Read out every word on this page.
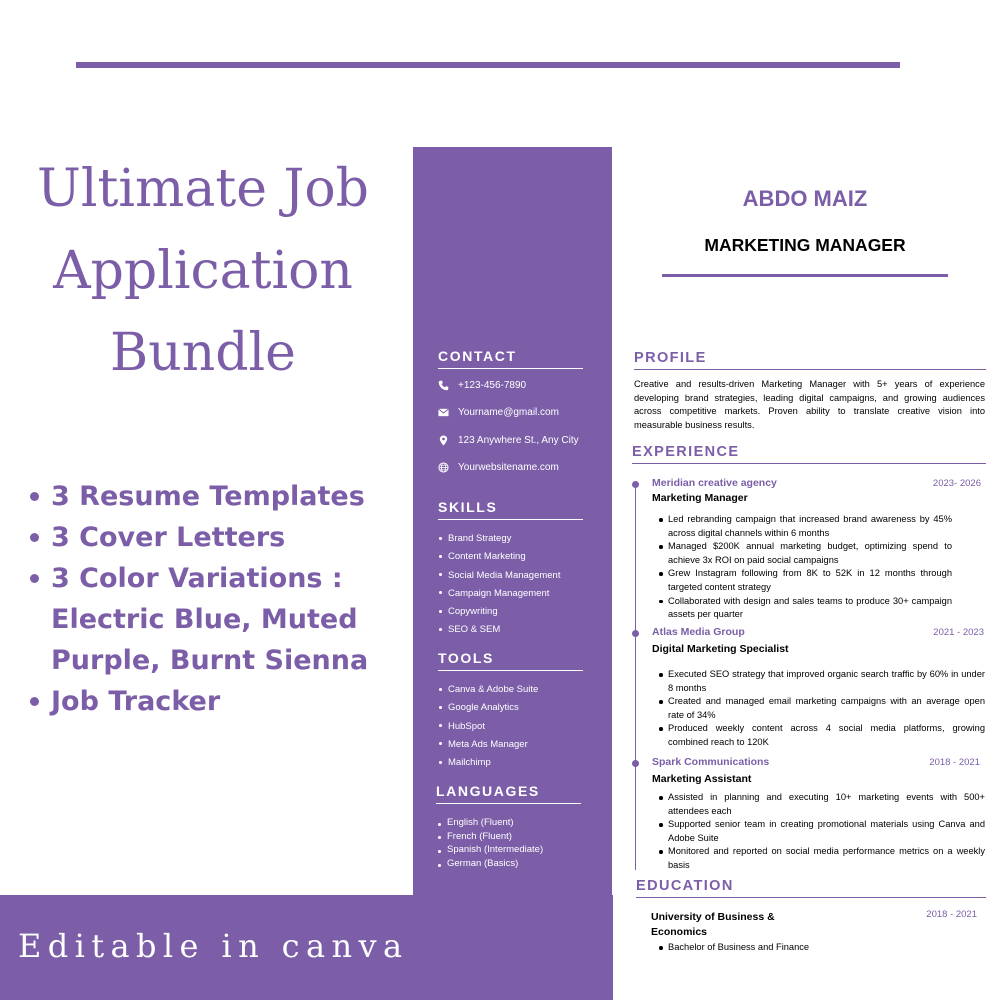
Ultimate Job
Application
Bundle
3 Resume Templates
3 Cover Letters
3 Color Variations : Electric Blue, Muted Purple, Burnt Sienna
Job Tracker
Editable in canva
CONTACT
+123-456-7890
Yourname@gmail.com
123 Anywhere St., Any City
Yourwebsitename.com
SKILLS
Brand Strategy
Content Marketing
Social Media Management
Campaign Management
Copywriting
SEO & SEM
TOOLS
Canva & Adobe Suite
Google Analytics
HubSpot
Meta Ads Manager
Mailchimp
LANGUAGES
English (Fluent)
French (Fluent)
Spanish (Intermediate)
German (Basics)
ABDO MAIZ
MARKETING MANAGER
PROFILE

Creative and results-driven Marketing Manager with 5+ years of experience developing brand strategies, leading digital campaigns, and growing audiences across competitive markets. Proven ability to translate creative vision into measurable business results.

EXPERIENCE
Meridian creative agency	2023- 2026
Marketing Manager
Led rebranding campaign that increased brand awareness by 45% across digital channels within 6 months
Managed $200K annual marketing budget, optimizing spend to achieve 3x ROI on paid social campaigns
Grew Instagram following from 8K to 52K in 12 months through targeted content strategy
Collaborated with design and sales teams to produce 30+ campaign assets per quarter
Atlas Media Group	2021 - 2023
Digital Marketing Specialist
Executed SEO strategy that improved organic search traffic by 60% in under 8 months
Created and managed email marketing campaigns with an average open rate of 34%
Produced weekly content across 4 social media platforms, growing combined reach to 120K
Spark Communications	2018 - 2021
Marketing Assistant
Assisted in planning and executing 10+ marketing events with 500+ attendees each
Supported senior team in creating promotional materials using Canva and Adobe Suite
Monitored and reported on social media performance metrics on a weekly basis
EDUCATION
University of Business & Economics
2018 - 2021
Bachelor of Business and Finance
